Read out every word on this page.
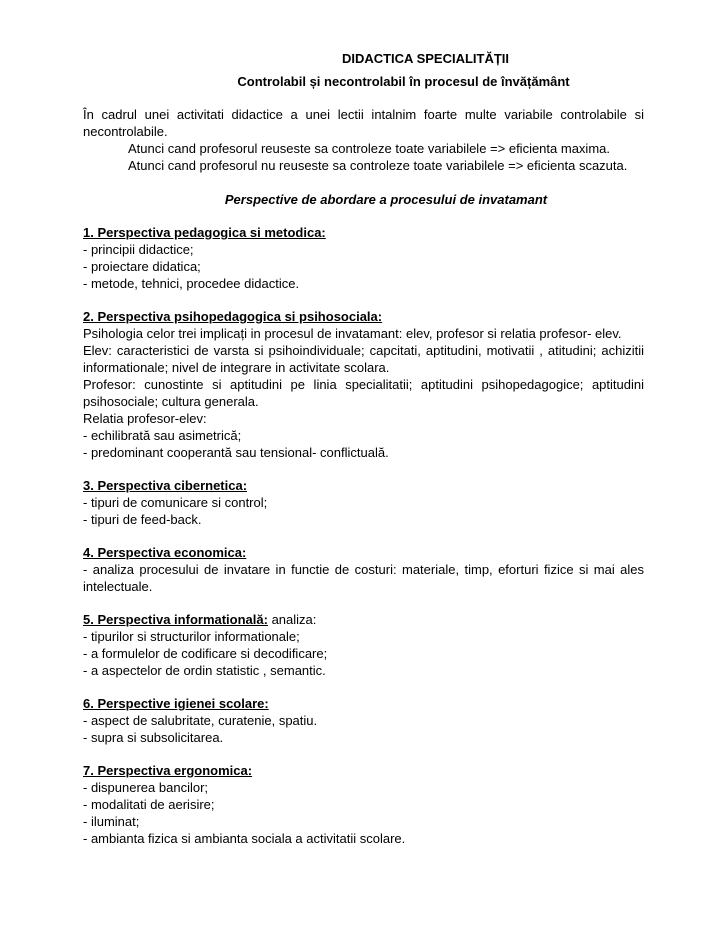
DIDACTICA SPECIALITĂȚII

Controlabil și necontrolabil în procesul de învățământ

În cadrul unei activitati didactice a unei lectii intalnim foarte multe variabile controlabile si necontrolabile.

Atunci cand profesorul reuseste sa controleze toate variabilele => eficienta maxima.

Atunci cand profesorul nu reuseste sa controleze toate variabilele => eficienta scazuta.

Perspective de abordare a procesului de invatamant

1. Perspectiva pedagogica si metodica:

- principii didactice;

- proiectare didatica;

- metode, tehnici, procedee didactice.

2. Perspectiva psihopedagogica si psihosociala:

Psihologia celor trei implicați in procesul de invatamant: elev, profesor si relatia profesor- elev.

Elev: caracteristici de varsta si psihoindividuale; capcitati, aptitudini, motivatii , atitudini; achizitii informationale; nivel de integrare in activitate scolara.

Profesor: cunostinte si aptitudini pe linia specialitatii; aptitudini psihopedagogice; aptitudini psihosociale; cultura generala.

Relatia profesor-elev:

- echilibrată sau asimetrică;

- predominant cooperantă sau tensional- conflictuală.

3. Perspectiva cibernetica:

- tipuri de comunicare si control;

- tipuri de feed-back.

4. Perspectiva economica:

- analiza procesului de invatare in functie de costuri: materiale, timp, eforturi fizice si mai ales intelectuale.

5. Perspectiva informatională: analiza:

- tipurilor si structurilor informationale;

- a formulelor de codificare si decodificare;

- a aspectelor de ordin statistic , semantic.

6. Perspective igienei scolare:

- aspect de salubritate, curatenie, spatiu.

- supra si subsolicitarea.

7. Perspectiva ergonomica:

- dispunerea bancilor;

- modalitati de aerisire;

- iluminat;

- ambianta fizica si ambianta sociala a activitatii scolare.
